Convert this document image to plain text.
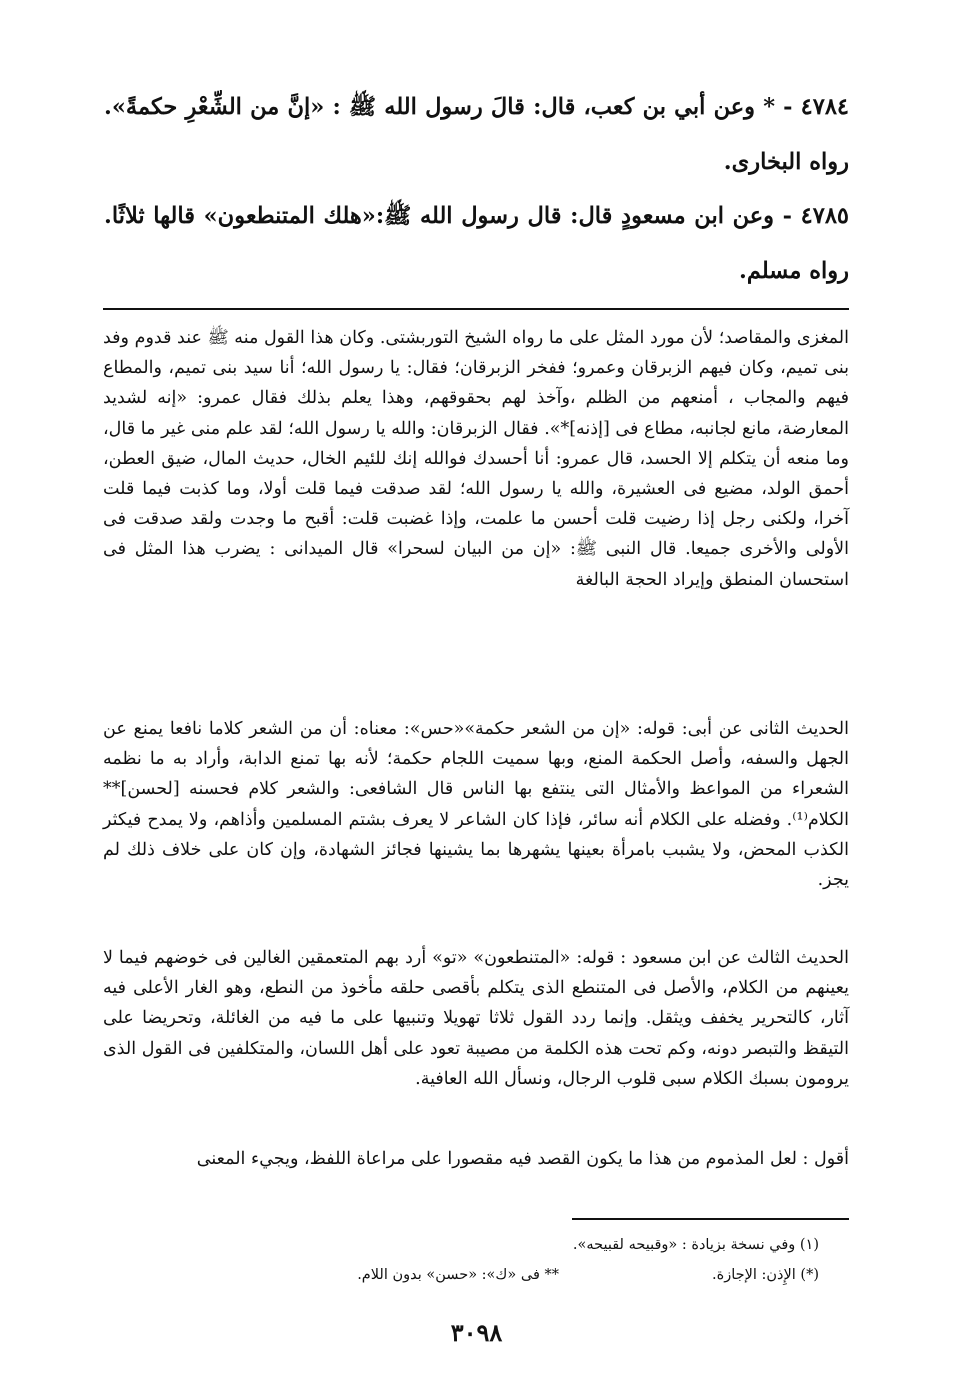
٤٧٨٤ - * وعن أبي بن كعب، قال: قالَ رسول الله ﷺ : «إنَّ من الشِّعْرِ حكمةً». رواه البخارى.
٤٧٨٥ - وعن ابن مسعودٍ قال: قال رسول الله ﷺ:«هلك المتنطعون» قالها ثلاثًا. رواه مسلم.

المغزى والمقاصد؛ لأن مورد المثل على ما رواه الشيخ التوربشتى. وكان هذا القول منه ﷺ عند قدوم وفد بنى تميم، وكان فيهم الزبرقان وعمرو؛ ففخر الزبرقان؛ فقال: يا رسول الله؛ أنا سيد بنى تميم، والمطاع فيهم والمجاب ، أمنعهم من الظلم ،وآخذ لهم بحقوقهم، وهذا يعلم بذلك فقال عمرو: «إنه لشديد المعارضة، مانع لجانبه، مطاع فى [إذنه]*». فقال الزبرقان: والله يا رسول الله؛ لقد علم منى غير ما قال، وما منعه أن يتكلم إلا الحسد، قال عمرو: أنا أحسدك فوالله إنك للئيم الخال، حديث المال، ضيق العطن، أحمق الولد، مضيع فى العشيرة، والله يا رسول الله؛ لقد صدقت فيما قلت أولا، وما كذبت فيما قلت آخرا، ولكنى رجل إذا رضيت قلت أحسن ما علمت، وإذا غضبت قلت: أقبح ما وجدت ولقد صدقت فى الأولى والأخرى جميعا. قال النبى ﷺ: «إن من البيان لسحرا» قال الميدانى : يضرب هذا المثل فى استحسان المنطق وإيراد الحجة البالغة

الحديث الثانى عن أبى: قوله: «إن من الشعر حكمة»«حس»: معناه: أن من الشعر كلاما نافعا يمنع عن الجهل والسفه، وأصل الحكمة المنع، وبها سميت اللجام حكمة؛ لأنه بها تمنع الدابة، وأراد به ما نظمه الشعراء من المواعظ والأمثال التى ينتفع بها الناس قال الشافعى: والشعر كلام فحسنه [لحسن]** الكلام⁽¹⁾. وفضله على الكلام أنه سائر، فإذا كان الشاعر لا يعرف بشتم المسلمين وأذاهم، ولا يمدح فيكثر الكذب المحض، ولا يشبب بامرأة بعينها يشهرها بما يشينها فجائز الشهادة، وإن كان على خلاف ذلك لم يجز.

الحديث الثالث عن ابن مسعود : قوله: «المتنطعون» «تو» أرد بهم المتعمقين الغالين فى خوضهم فيما لا يعينهم من الكلام، والأصل فى المتنطع الذى يتكلم بأقصى حلقه مأخوذ من النطع، وهو الغار الأعلى فيه آثار، كالتحرير يخفف ويثقل. وإنما ردد القول ثلاثا تهويلا وتنبيها على ما فيه من الغائلة، وتحريضا على التيقظ والتبصر دونه، وكم تحت هذه الكلمة من مصيبة تعود على أهل اللسان، والمتكلفين فى القول الذى يرومون بسبك الكلام سبى قلوب الرجال، ونسأل الله العافية.

أقول : لعل المذموم من هذا ما يكون القصد فيه مقصورا على مراعاة اللفظ، ويجيء المعنى

(١) وفي نسخة بزيادة : «وقبيحه لقبيحه».
(*) الإِذن: الإجازة.
** فى «ك»: «حسن» بدون اللام.
٣٠٩٨
